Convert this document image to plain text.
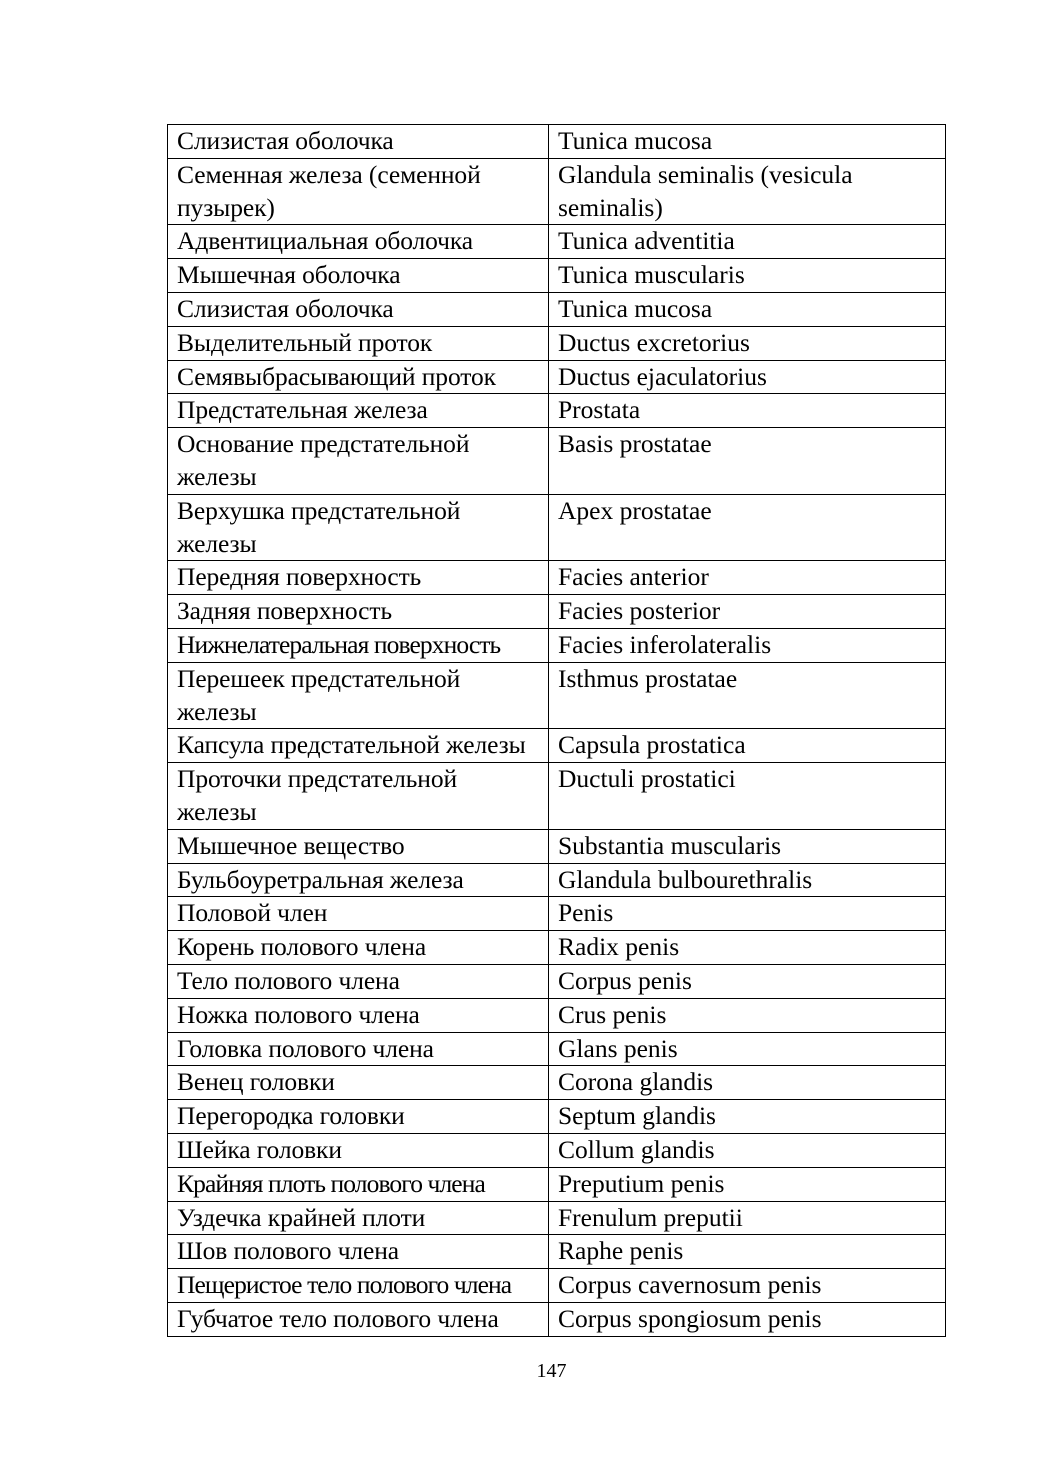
Слизистая оболочка	Tunica mucosa
Семенная железа (семенной пузырек)	Glandula seminalis (vesicula seminalis)
Адвентициальная оболочка	Tunica adventitia
Мышечная оболочка	Tunica muscularis
Слизистая оболочка	Tunica mucosa
Выделительный проток	Ductus excretorius
Семявыбрасывающий проток	Ductus ejaculatorius
Предстательная железа	Prostata
Основание предстательной железы	Basis prostatae
Верхушка предстательной железы	Apex prostatae
Передняя поверхность	Facies anterior
Задняя поверхность	Facies posterior
Нижнелатеральная поверхность	Facies inferolateralis
Перешеек предстательной железы	Isthmus prostatae
Капсула предстательной железы	Capsula prostatica
Проточки предстательной железы	Ductuli prostatici
Мышечное вещество	Substantia muscularis
Бульбоуретральная железа	Glandula bulbourethralis
Половой член	Penis
Корень полового члена	Radix penis
Тело полового члена	Corpus penis
Ножка полового члена	Crus penis
Головка полового члена	Glans penis
Венец головки	Corona glandis
Перегородка головки	Septum glandis
Шейка головки	Collum glandis
Крайняя плоть полового члена	Preputium penis
Уздечка крайней плоти	Frenulum preputii
Шов полового члена	Raphe penis
Пещеристое тело полового члена	Corpus cavernosum penis
Губчатое тело полового члена	Corpus spongiosum penis
147
